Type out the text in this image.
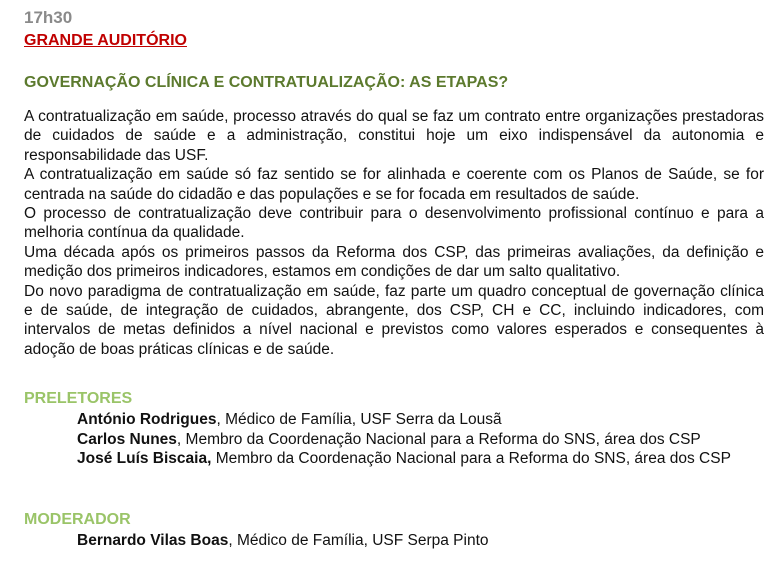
17h30
GRANDE AUDITÓRIO
GOVERNAÇÃO CLÍNICA E CONTRATUALIZAÇÃO: AS ETAPAS?

A contratualização em saúde, processo através do qual se faz um contrato entre organizações prestadoras de cuidados de saúde e a administração, constitui hoje um eixo indispensável da autonomia e responsabilidade das USF.

A contratualização em saúde só faz sentido se for alinhada e coerente com os Planos de Saúde, se for centrada na saúde do cidadão e das populações e se for focada em resultados de saúde.

O processo de contratualização deve contribuir para o desenvolvimento profissional contínuo e para a melhoria contínua da qualidade.

Uma década após os primeiros passos da Reforma dos CSP, das primeiras avaliações, da definição e medição dos primeiros indicadores, estamos em condições de dar um salto qualitativo.

Do novo paradigma de contratualização em saúde, faz parte um quadro conceptual de governação clínica e de saúde, de integração de cuidados, abrangente, dos CSP, CH e CC, incluindo indicadores, com intervalos de metas definidos a nível nacional e previstos como valores esperados e consequentes à adoção de boas práticas clínicas e de saúde.

PRELETORES
António Rodrigues, Médico de Família, USF Serra da Lousã
Carlos Nunes, Membro da Coordenação Nacional para a Reforma do SNS, área dos CSP
José Luís Biscaia, Membro da Coordenação Nacional para a Reforma do SNS, área dos CSP
MODERADOR
Bernardo Vilas Boas, Médico de Família, USF Serpa Pinto
